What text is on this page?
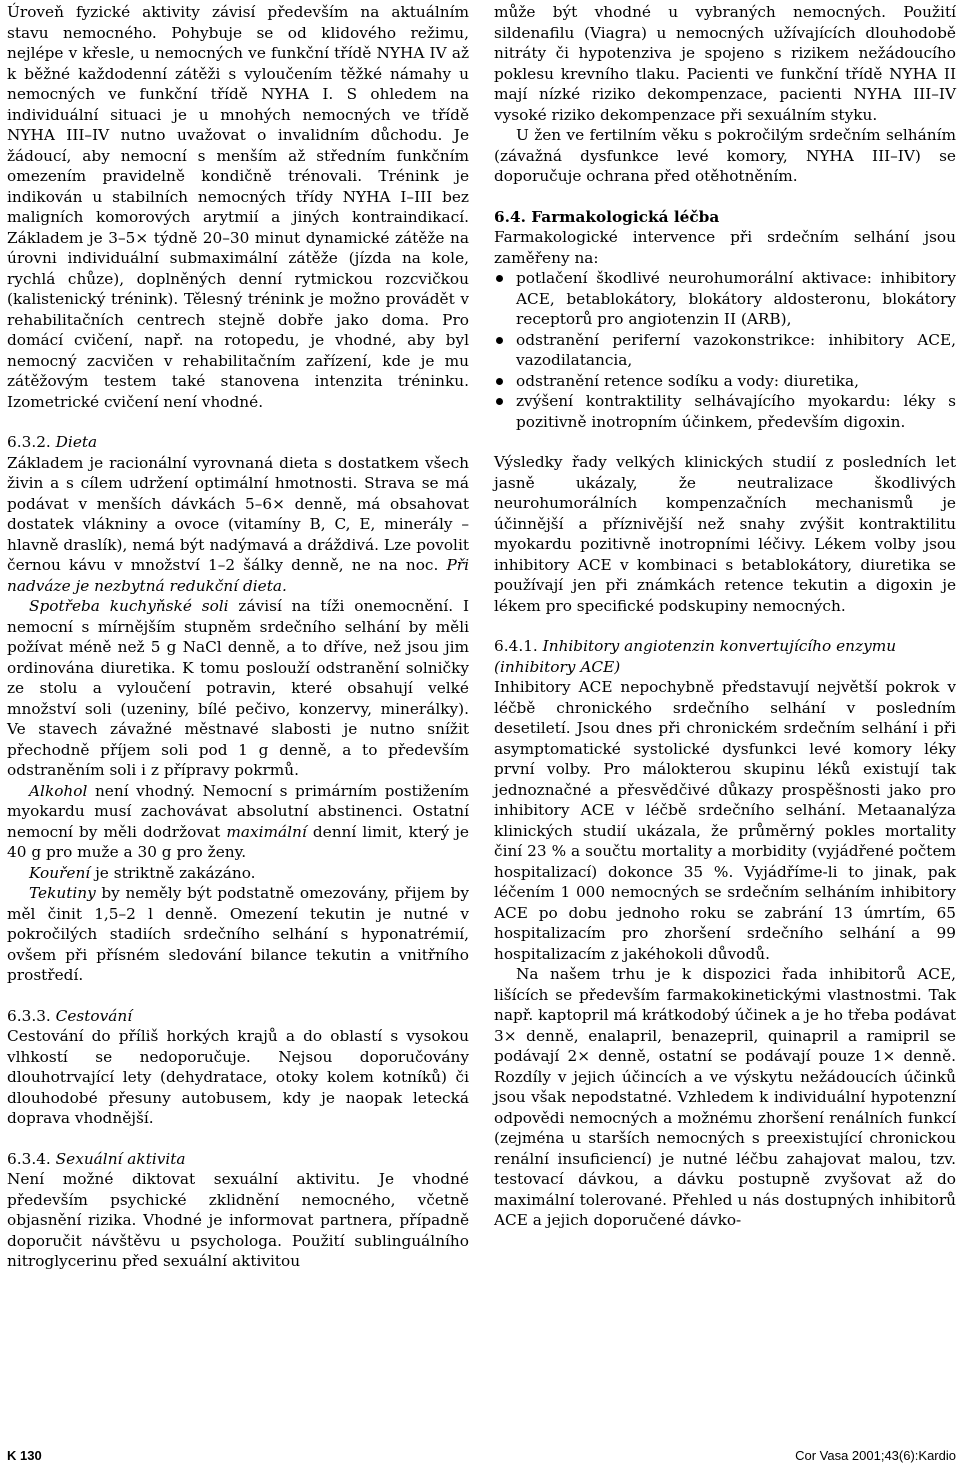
Úroveň fyzické aktivity závisí především na aktuálním stavu nemocného. Pohybuje se od klidového režimu, nejlépe v křesle, u nemocných ve funkční třídě NYHA IV až k běžné každodenní zátěži s vyloučením těžké námahy u nemocných ve funkční třídě NYHA I. S ohledem na individuální situaci je u mnohých nemocných ve třídě NYHA III–IV nutno uvažovat o invalidním důchodu. Je žádoucí, aby nemocní s menším až středním funkčním omezením pravidelně kondičně trénovali. Trénink je indikován u stabilních nemocných třídy NYHA I–III bez maligních komorových arytmií a jiných kontraindikací. Základem je 3–5× týdně 20–30 minut dynamické zátěže na úrovni individuální submaximální zátěže (jízda na kole, rychlá chůze), doplněných denní rytmickou rozcvičkou (kalistenický trénink). Tělesný trénink je možno provádět v rehabilitačních centrech stejně dobře jako doma. Pro domácí cvičení, např. na rotopedu, je vhodné, aby byl nemocný zacvičen v rehabilitačním zařízení, kde je mu zátěžovým testem také stanovena intenzita tréninku. Izometrické cvičení není vhodné.

6.3.2. Dieta

Základem je racionální vyrovnaná dieta s dostatkem všech živin a s cílem udržení optimální hmotnosti. Strava se má podávat v menších dávkách 5–6× denně, má obsahovat dostatek vlákniny a ovoce (vitamíny B, C, E, minerály – hlavně draslík), nemá být nadýmavá a dráždivá. Lze povolit černou kávu v množství 1–2 šálky denně, ne na noc. Při nadváze je nezbytná redukční dieta.

Spotřeba kuchyňské soli závisí na tíži onemocnění. I nemocní s mírnějším stupněm srdečního selhání by měli požívat méně než 5 g NaCl denně, a to dříve, než jsou jim ordinována diuretika. K tomu poslouží odstranění solničky ze stolu a vyloučení potravin, které obsahují velké množství soli (uzeniny, bílé pečivo, konzervy, minerálky). Ve stavech závažné městnavé slabosti je nutno snížit přechodně příjem soli pod 1 g denně, a to především odstraněním soli i z přípravy pokrmů.

Alkohol není vhodný. Nemocní s primárním postižením myokardu musí zachovávat absolutní abstinenci. Ostatní nemocní by měli dodržovat maximální denní limit, který je 40 g pro muže a 30 g pro ženy.

Kouření je striktně zakázáno.

Tekutiny by neměly být podstatně omezovány, přijem by měl činit 1,5–2 l denně. Omezení tekutin je nutné v pokročilých stadiích srdečního selhání s hyponatrémií, ovšem při přísném sledování bilance tekutin a vnitřního prostředí.

6.3.3. Cestování

Cestování do příliš horkých krajů a do oblastí s vysokou vlhkostí se nedoporučuje. Nejsou doporučovány dlouhotrvající lety (dehydratace, otoky kolem kotníků) či dlouhodobé přesuny autobusem, kdy je naopak letecká doprava vhodnější.

6.3.4. Sexuální aktivita

Není možné diktovat sexuální aktivitu. Je vhodné především psychické zklidnění nemocného, včetně objasnění rizika. Vhodné je informovat partnera, případně doporučit návštěvu u psychologa. Použití sublinguálního nitroglycerinu před sexuální aktivitou

může být vhodné u vybraných nemocných. Použití sildenafilu (Viagra) u nemocných užívajících dlouhodobě nitráty či hypotenziva je spojeno s rizikem nežádoucího poklesu krevního tlaku. Pacienti ve funkční třídě NYHA II mají nízké riziko dekompenzace, pacienti NYHA III–IV vysoké riziko dekompenzace při sexuálním styku.

U žen ve fertilním věku s pokročilým srdečním selháním (závažná dysfunkce levé komory, NYHA III–IV) se doporučuje ochrana před otěhotněním.

6.4. Farmakologická léčba

Farmakologické intervence při srdečním selhání jsou zaměřeny na:

potlačení škodlivé neurohumorální aktivace: inhibitory ACE, betablokátory, blokátory aldosteronu, blokátory receptorů pro angiotenzin II (ARB),
odstranění periferní vazokonstrikce: inhibitory ACE, vazodilatancia,
odstranění retence sodíku a vody: diuretika,
zvýšení kontraktility selhávajícího myokardu: léky s pozitivně inotropním účinkem, především digoxin.

Výsledky řady velkých klinických studií z posledních let jasně ukázaly, že neutralizace škodlivých neurohumorálních kompenzačních mechanismů je účinnější a příznivější než snahy zvýšit kontraktilitu myokardu pozitivně inotropními léčivy. Lékem volby jsou inhibitory ACE v kombinaci s betablokátory, diuretika se používají jen při známkách retence tekutin a digoxin je lékem pro specifické podskupiny nemocných.

6.4.1. Inhibitory angiotenzin konvertujícího enzymu (inhibitory ACE)

Inhibitory ACE nepochybně představují největší pokrok v léčbě chronického srdečního selhání v posledním desetiletí. Jsou dnes při chronickém srdečním selhání i při asymptomatické systolické dysfunkci levé komory léky první volby. Pro málokterou skupinu léků existují tak jednoznačné a přesvědčivé důkazy prospěšnosti jako pro inhibitory ACE v léčbě srdečního selhání. Metaanalýza klinických studií ukázala, že průměrný pokles mortality činí 23 % a součtu mortality a morbidity (vyjádřené počtem hospitalizací) dokonce 35 %. Vyjádříme-li to jinak, pak léčením 1 000 nemocných se srdečním selháním inhibitory ACE po dobu jednoho roku se zabrání 13 úmrtím, 65 hospitalizacím pro zhoršení srdečního selhání a 99 hospitalizacím z jakéhokoli důvodů.

Na našem trhu je k dispozici řada inhibitorů ACE, lišících se především farmakokinetickými vlastnostmi. Tak např. kaptopril má krátkodobý účinek a je ho třeba podávat 3× denně, enalapril, benazepril, quinapril a ramipril se podávají 2× denně, ostatní se podávají pouze 1× denně. Rozdíly v jejich účincích a ve výskytu nežádoucích účinků jsou však nepodstatné. Vzhledem k individuální hypotenzní odpovědi nemocných a možnému zhoršení renálních funkcí (zejména u starších nemocných s preexistující chronickou renální insuficiencí) je nutné léčbu zahajovat malou, tzv. testovací dávkou, a dávku postupně zvyšovat až do maximální tolerované. Přehled u nás dostupných inhibitorů ACE a jejich doporučené dávko-

K 130	Cor Vasa 2001;43(6):Kardio
